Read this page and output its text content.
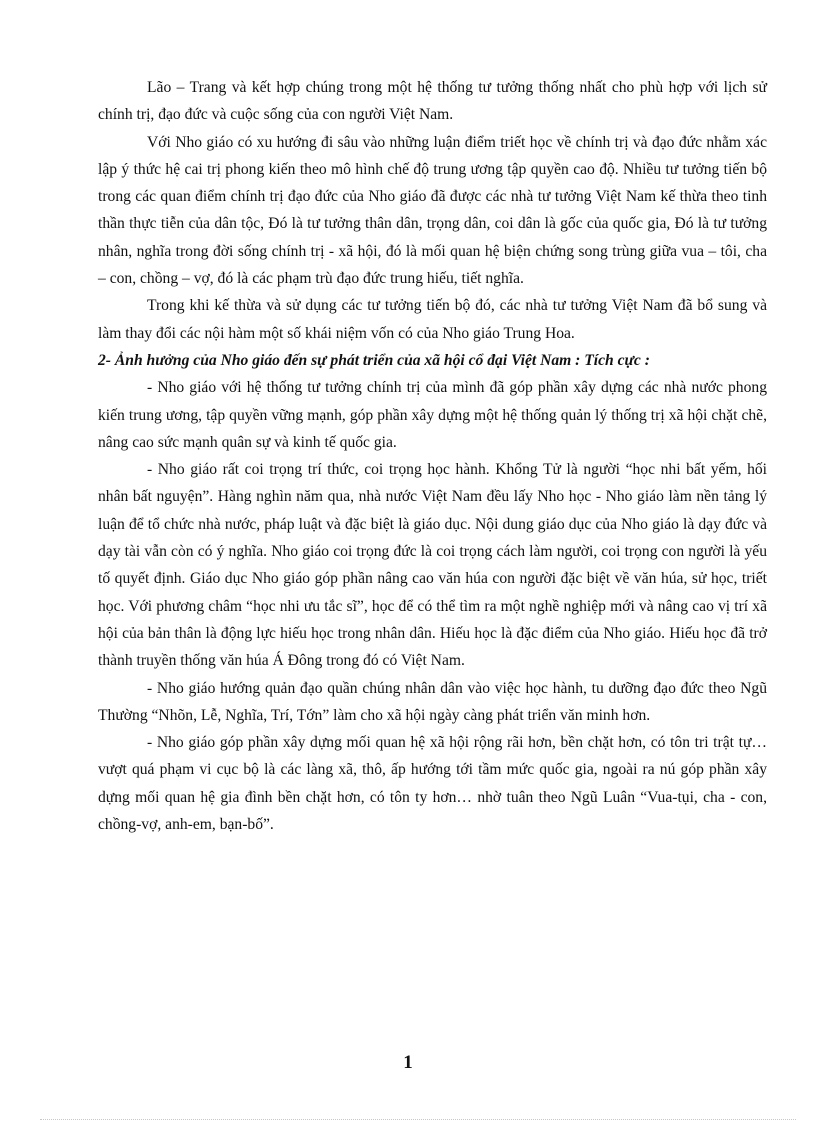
Lão – Trang và kết hợp chúng trong một hệ thống tư tưởng thống nhất cho phù hợp với lịch sử chính trị, đạo đức và cuộc sống của con người Việt Nam.

Với Nho giáo có xu hướng đi sâu vào những luận điểm triết học về chính trị và đạo đức nhằm xác lập ý thức hệ cai trị phong kiến theo mô hình chế độ trung ương tập quyền cao độ. Nhiều tư tưởng tiến bộ trong các quan điểm chính trị đạo đức của Nho giáo đã được các nhà tư tưởng Việt Nam kế thừa theo tinh thần thực tiễn của dân tộc, Đó là tư tưởng thân dân, trọng dân, coi dân là gốc của quốc gia, Đó là tư tưởng nhân, nghĩa trong đời sống chính trị - xã hội, đó là mối quan hệ biện chứng song trùng giữa vua – tôi, cha – con, chồng – vợ, đó là các phạm trù đạo đức trung hiếu, tiết nghĩa.

Trong khi kế thừa và sử dụng các tư tưởng tiến bộ đó, các nhà tư tưởng Việt Nam đã bổ sung và làm thay đổi các nội hàm một số khái niệm vốn có của Nho giáo Trung Hoa.

2- Ảnh hưởng của Nho giáo đến sự phát triển của xã hội cổ đại Việt Nam : Tích cực :

- Nho giáo với hệ thống tư tưởng chính trị của mình đã góp phần xây dựng các nhà nước phong kiến trung ương, tập quyền vững mạnh, góp phần xây dựng một hệ thống quản lý thống trị xã hội chặt chẽ, nâng cao sức mạnh quân sự và kinh tế quốc gia.

- Nho giáo rất coi trọng trí thức, coi trọng học hành. Khổng Tử là người “học nhi bất yếm, hối nhân bất nguyện”. Hàng nghìn năm qua, nhà nước Việt Nam đều lấy Nho học - Nho giáo làm nền tảng lý luận để tổ chức nhà nước, pháp luật và đặc biệt là giáo dục. Nội dung giáo dục của Nho giáo là dạy đức và dạy tài vẫn còn có ý nghĩa. Nho giáo coi trọng đức là coi trọng cách làm người, coi trọng con người là yếu tố quyết định. Giáo dục Nho giáo góp phần nâng cao văn húa con người đặc biệt về văn húa, sử học, triết học. Với phương châm “học nhi ưu tắc sĩ”, học để có thể tìm ra một nghề nghiệp mới và nâng cao vị trí xã hội của bản thân là động lực hiếu học trong nhân dân. Hiếu học là đặc điểm của Nho giáo. Hiếu học đã trở thành truyền thống văn húa Á Đông trong đó có Việt Nam.

- Nho giáo hướng quản đạo quần chúng nhân dân vào việc học hành, tu dưỡng đạo đức theo Ngũ Thường “Nhõn, Lễ, Nghĩa, Trí, Tớn” làm cho xã hội ngày càng phát triển văn minh hơn.

- Nho giáo góp phần xây dựng mối quan hệ xã hội rộng rãi hơn, bền chặt hơn, có tôn tri trật tự… vượt quá phạm vi cục bộ là các làng xã, thô, ấp hướng tới tầm mức quốc gia, ngoài ra nú góp phần xây dựng mối quan hệ gia đình bền chặt hơn, có tôn ty hơn… nhờ tuân theo Ngũ Luân “Vua-tụi, cha - con, chồng-vợ, anh-em, bạn-bố”.

1
